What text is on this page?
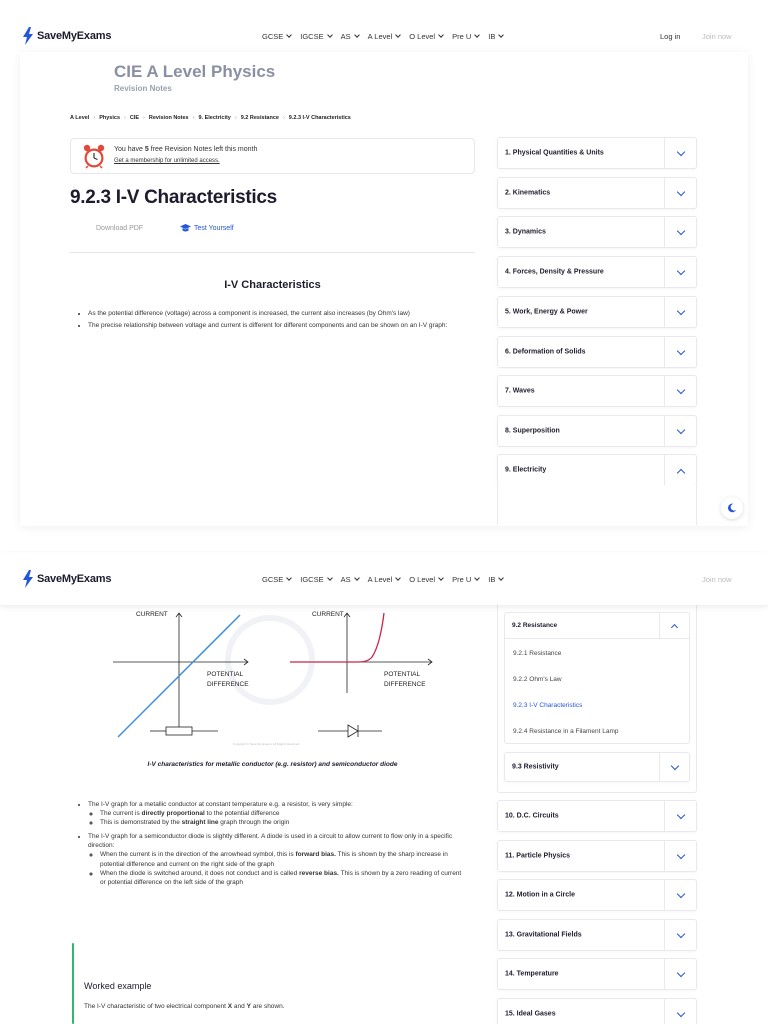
SaveMyExams	GCSE IGCSE AS A Level O Level Pre U IB	Log in	Join now
CIE A Level Physics
Revision Notes
A Level › Physics › CIE › Revision Notes › 9. Electricity › 9.2 Resistance › 9.2.3 I-V Characteristics
You have 5 free Revision Notes left this month
Get a membership for unlimited access.
9.2.3 I-V Characteristics
Download PDF	Test Yourself
I-V Characteristics
• As the potential difference (voltage) across a component is increased, the current also increases (by Ohm's law)
• The precise relationship between voltage and current is different for different components and can be shown on an I-V graph:
1. Physical Quantities & Units
2. Kinematics
3. Dynamics
4. Forces, Density & Pressure
5. Work, Energy & Power
6. Deformation of Solids
7. Waves
8. Superposition
9. Electricity
SaveMyExams	GCSE IGCSE AS A Level O Level Pre U IB	Join now
CURRENT
POTENTIAL
DIFFERENCE
CURRENT
POTENTIAL
DIFFERENCE
Copyright © Save My Exams. All Rights Reserved
I-V characteristics for metallic conductor (e.g. resistor) and semiconductor diode
• The I-V graph for a metallic conductor at constant temperature e.g. a resistor, is very simple:
◦ The current is directly proportional to the potential difference
◦ This is demonstrated by the straight line graph through the origin
• The I-V graph for a semiconductor diode is slightly different. A diode is used in a circuit to allow current to flow only in a specific direction:
◦ When the current is in the direction of the arrowhead symbol, this is forward bias. This is shown by the sharp increase in potential difference and current on the right side of the graph
◦ When the diode is switched around, it does not conduct and is called reverse bias. This is shown by a zero reading of current or potential difference on the left side of the graph
Worked example
The I-V characteristic of two electrical component X and Y are shown.
9.2 Resistance
9.2.1 Resistance
9.2.2 Ohm's Law
9.2.3 I-V Characteristics
9.2.4 Resistance in a Filament Lamp
9.3 Resistivity
10. D.C. Circuits
11. Particle Physics
12. Motion in a Circle
13. Gravitational Fields
14. Temperature
15. Ideal Gases
